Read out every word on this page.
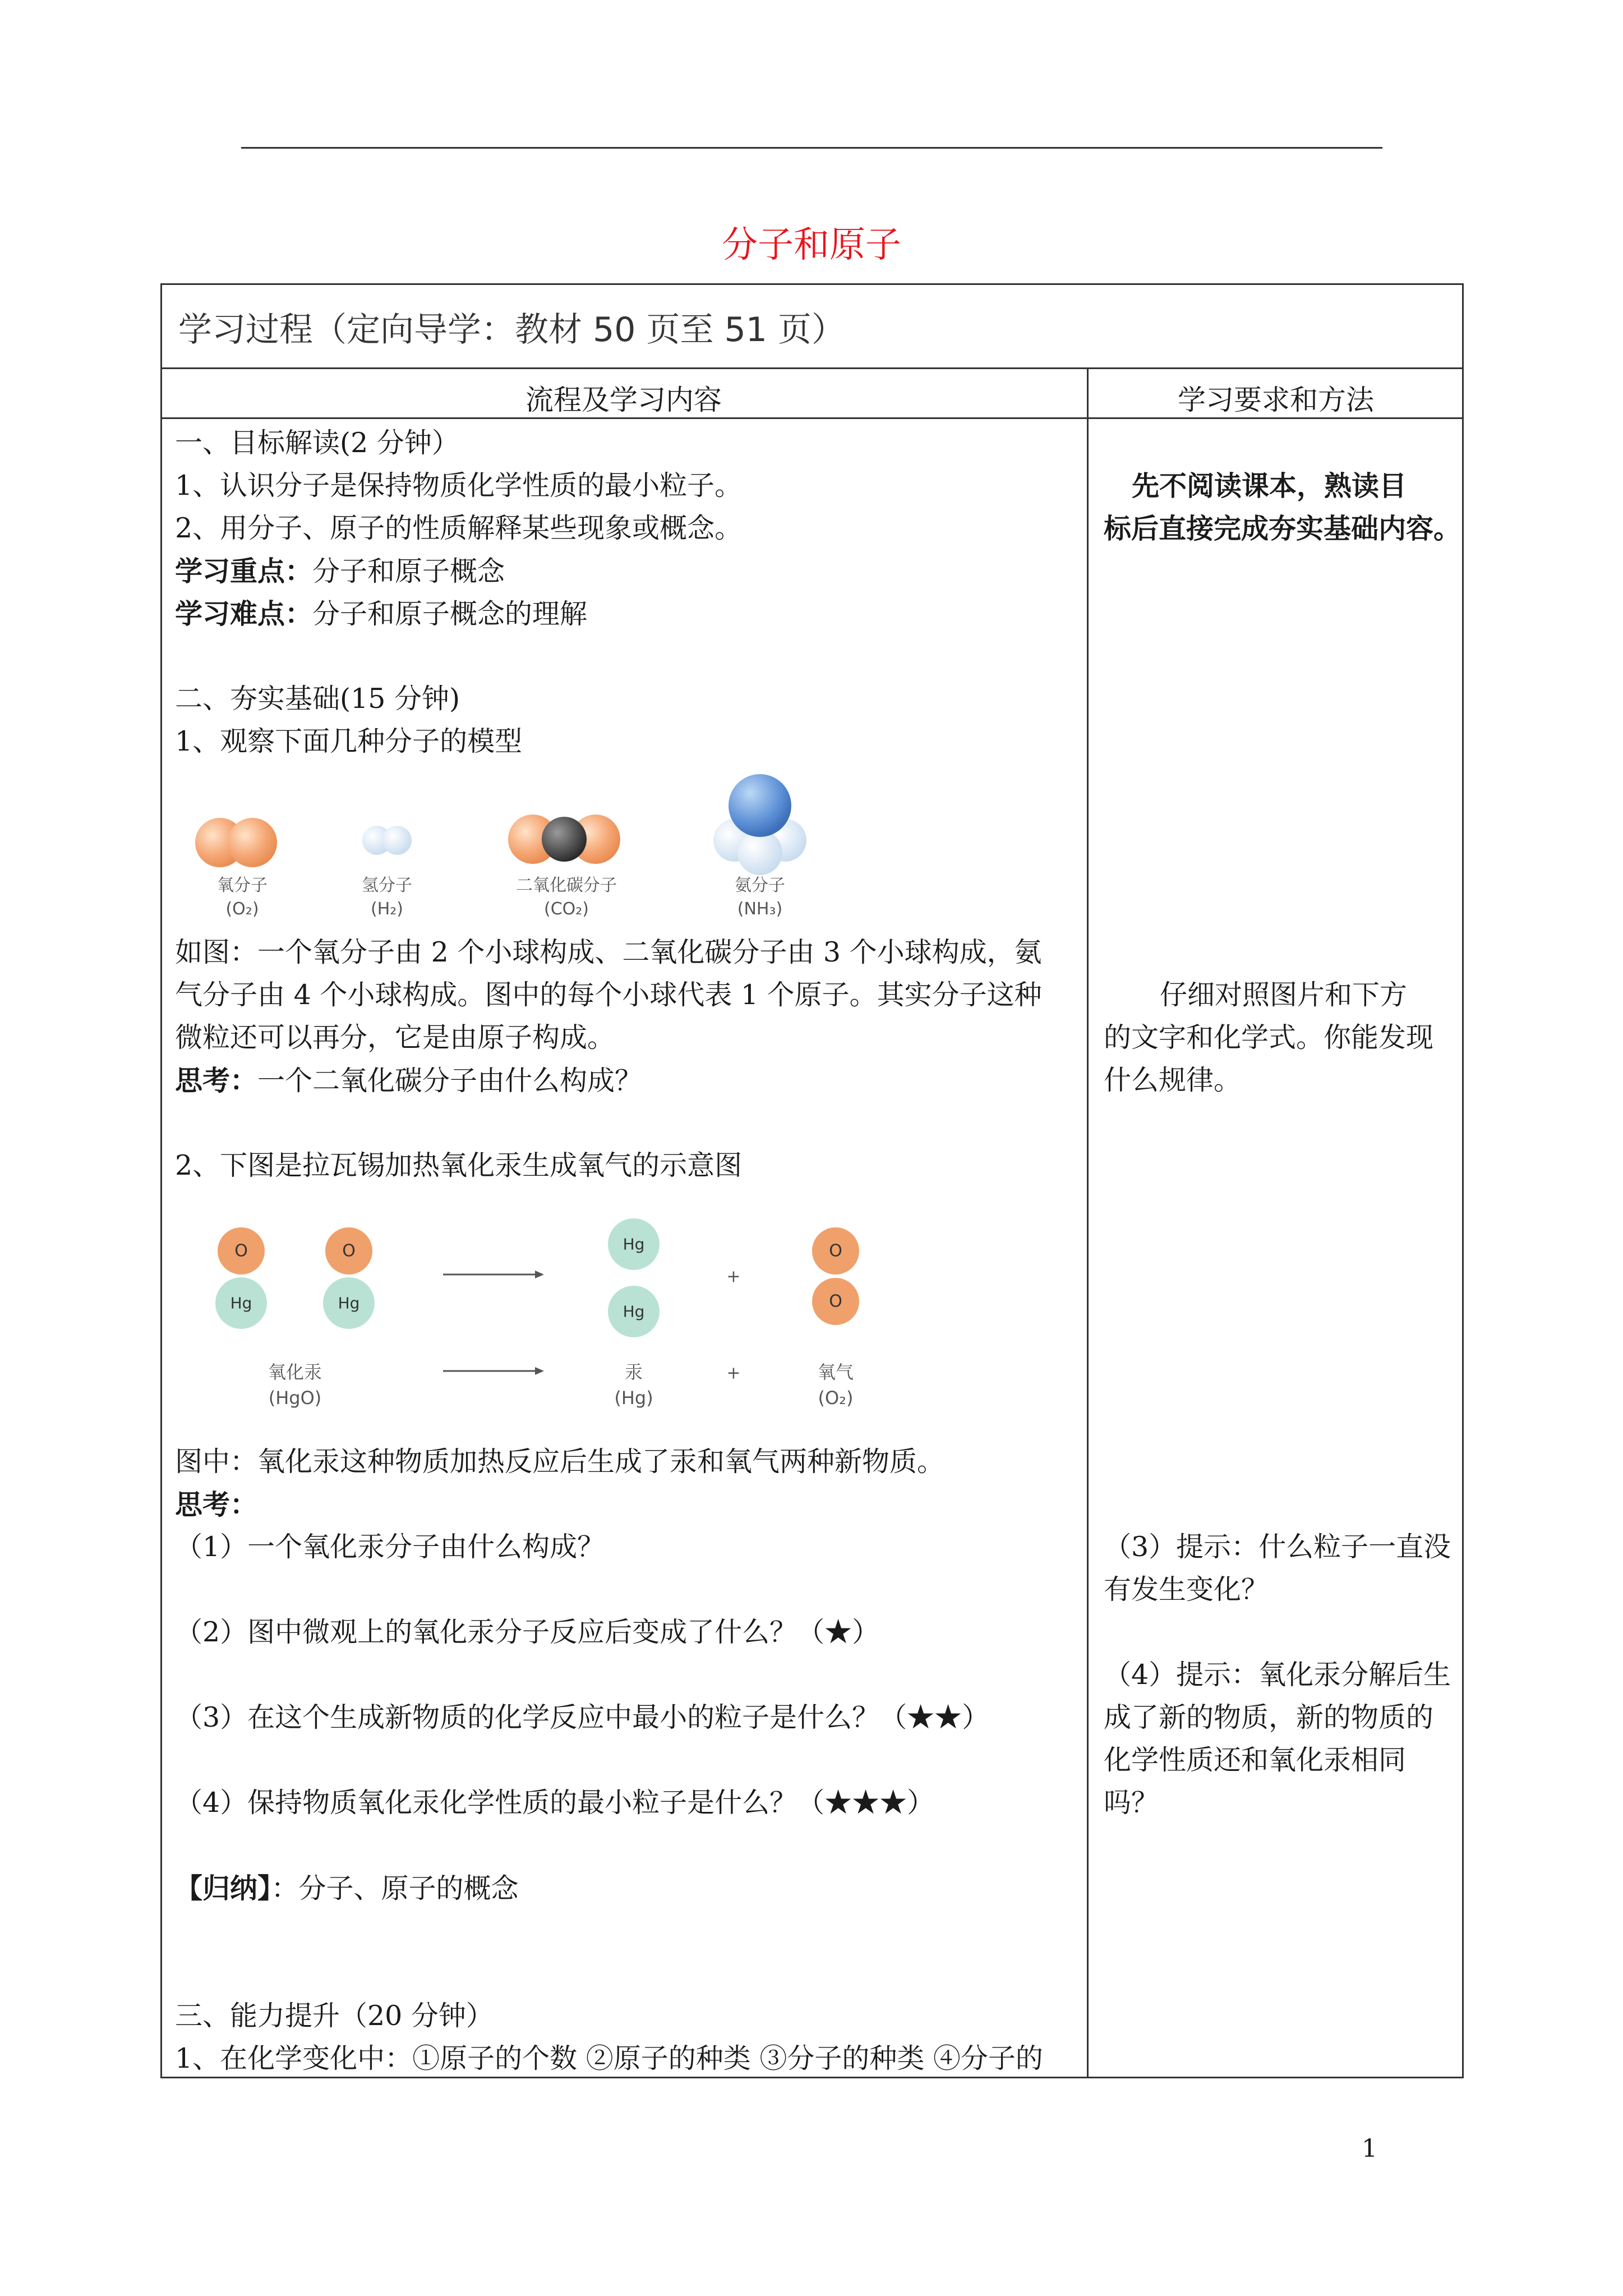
分子和原子
学习过程（定向导学：教材 50 页至 51 页）
流程及学习内容	学习要求和方法
一、目标解读(2 分钟）
1、认识分子是保持物质化学性质的最小粒子。
2、用分子、原子的性质解释某些现象或概念。
学习重点：分子和原子概念
学习难点：分子和原子概念的理解
二、夯实基础(15 分钟)
1、观察下面几种分子的模型
氧分子
(O₂)
氢分子
(H₂)
二氧化碳分子
(CO₂)
氨分子
(NH₃)
如图：一个氧分子由 2 个小球构成、二氧化碳分子由 3 个小球构成，氨
气分子由 4 个小球构成。图中的每个小球代表 1 个原子。其实分子这种
微粒还可以再分，它是由原子构成。
思考：一个二氧化碳分子由什么构成？
2、下图是拉瓦锡加热氧化汞生成氧气的示意图
O
Hg
O
Hg
Hg
Hg
+
O
O
+
氧化汞
(HgO)
汞
(Hg)
氧气
(O₂)
图中：氧化汞这种物质加热反应后生成了汞和氧气两种新物质。
思考：
（1）一个氧化汞分子由什么构成？
（2）图中微观上的氧化汞分子反应后变成了什么？（★）
（3）在这个生成新物质的化学反应中最小的粒子是什么？（★★）
（4）保持物质氧化汞化学性质的最小粒子是什么？（★★★）
【归纳】：分子、原子的概念
三、能力提升（20 分钟）
1、在化学变化中：①原子的个数 ②原子的种类 ③分子的种类 ④分子的
先不阅读课本，熟读目
标后直接完成夯实基础内容。
仔细对照图片和下方
的文字和化学式。你能发现
什么规律。
（3）提示：什么粒子一直没
有发生变化？
（4）提示：氧化汞分解后生
成了新的物质，新的物质的
化学性质还和氧化汞相同
吗？
1
